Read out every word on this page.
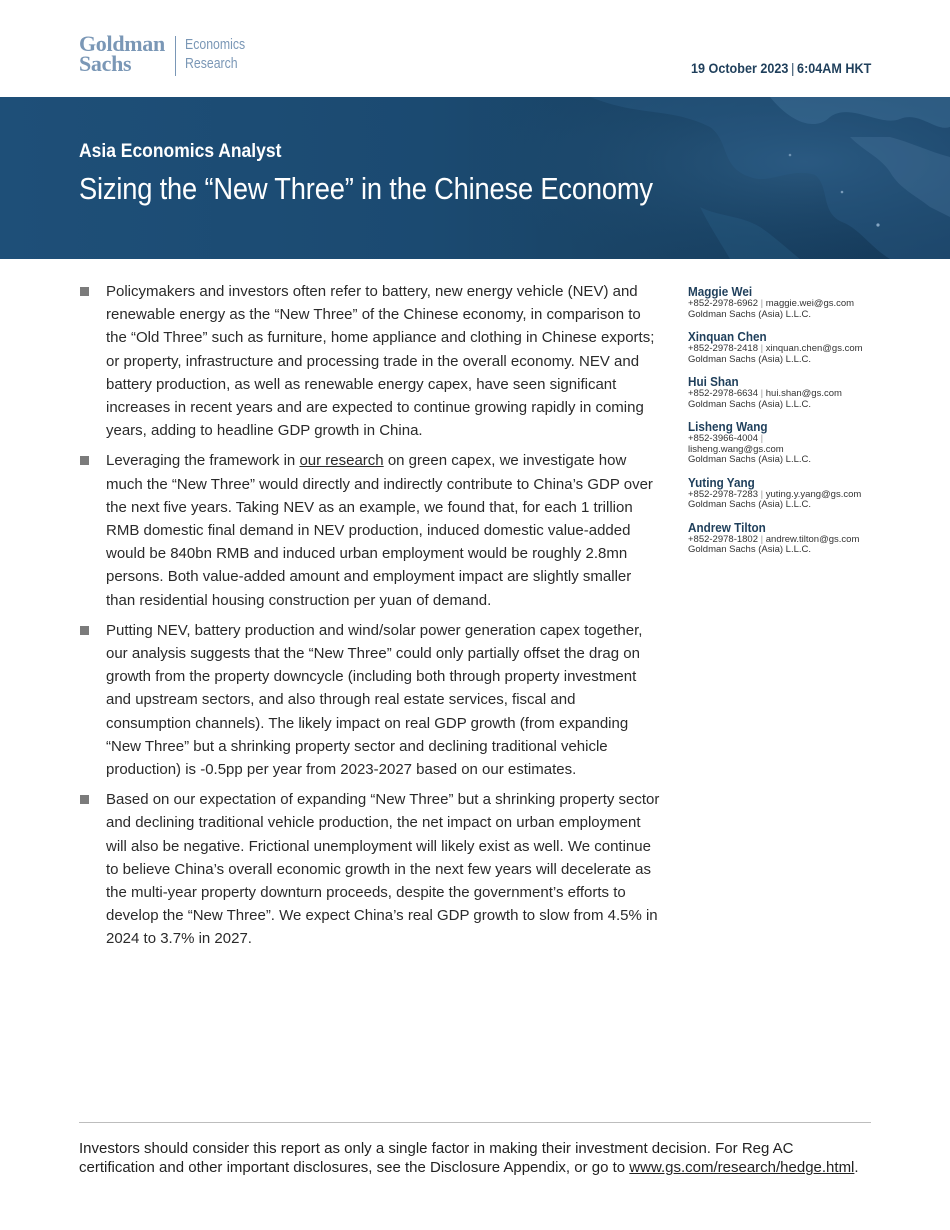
Goldman
Sachs
Economics
Research	19 October 2023 | 6:04AM HKT
Asia Economics Analyst
Sizing the “New Three” in the Chinese Economy
Policymakers and investors often refer to battery, new energy vehicle (NEV) and renewable energy as the “New Three” of the Chinese economy, in comparison to the “Old Three” such as furniture, home appliance and clothing in Chinese exports; or property, infrastructure and processing trade in the overall economy. NEV and battery production, as well as renewable energy capex, have seen significant increases in recent years and are expected to continue growing rapidly in coming years, adding to headline GDP growth in China.
Leveraging the framework in our research on green capex, we investigate how much the “New Three” would directly and indirectly contribute to China’s GDP over the next five years. Taking NEV as an example, we found that, for each 1 trillion RMB domestic final demand in NEV production, induced domestic value-added would be 840bn RMB and induced urban employment would be roughly 2.8mn persons. Both value-added amount and employment impact are slightly smaller than residential housing construction per yuan of demand.
Putting NEV, battery production and wind/solar power generation capex together, our analysis suggests that the “New Three” could only partially offset the drag on growth from the property downcycle (including both through property investment and upstream sectors, and also through real estate services, fiscal and consumption channels). The likely impact on real GDP growth (from expanding “New Three” but a shrinking property sector and declining traditional vehicle production) is -0.5pp per year from 2023-2027 based on our estimates.
Based on our expectation of expanding “New Three” but a shrinking property sector and declining traditional vehicle production, the net impact on urban employment will also be negative. Frictional unemployment will likely exist as well. We continue to believe China’s overall economic growth in the next few years will decelerate as the multi-year property downturn proceeds, despite the government’s efforts to develop the “New Three”. We expect China’s real GDP growth to slow from 4.5% in 2024 to 3.7% in 2027.
Maggie Wei
+852-2978-6962 | maggie.wei@gs.com
Goldman Sachs (Asia) L.L.C.
Xinquan Chen
+852-2978-2418 | xinquan.chen@gs.com
Goldman Sachs (Asia) L.L.C.
Hui Shan
+852-2978-6634 | hui.shan@gs.com
Goldman Sachs (Asia) L.L.C.
Lisheng Wang
+852-3966-4004 |
lisheng.wang@gs.com
Goldman Sachs (Asia) L.L.C.
Yuting Yang
+852-2978-7283 | yuting.y.yang@gs.com
Goldman Sachs (Asia) L.L.C.
Andrew Tilton
+852-2978-1802 | andrew.tilton@gs.com
Goldman Sachs (Asia) L.L.C.
Investors should consider this report as only a single factor in making their investment decision. For Reg AC certification and other important disclosures, see the Disclosure Appendix, or go to www.gs.com/research/hedge.html.
